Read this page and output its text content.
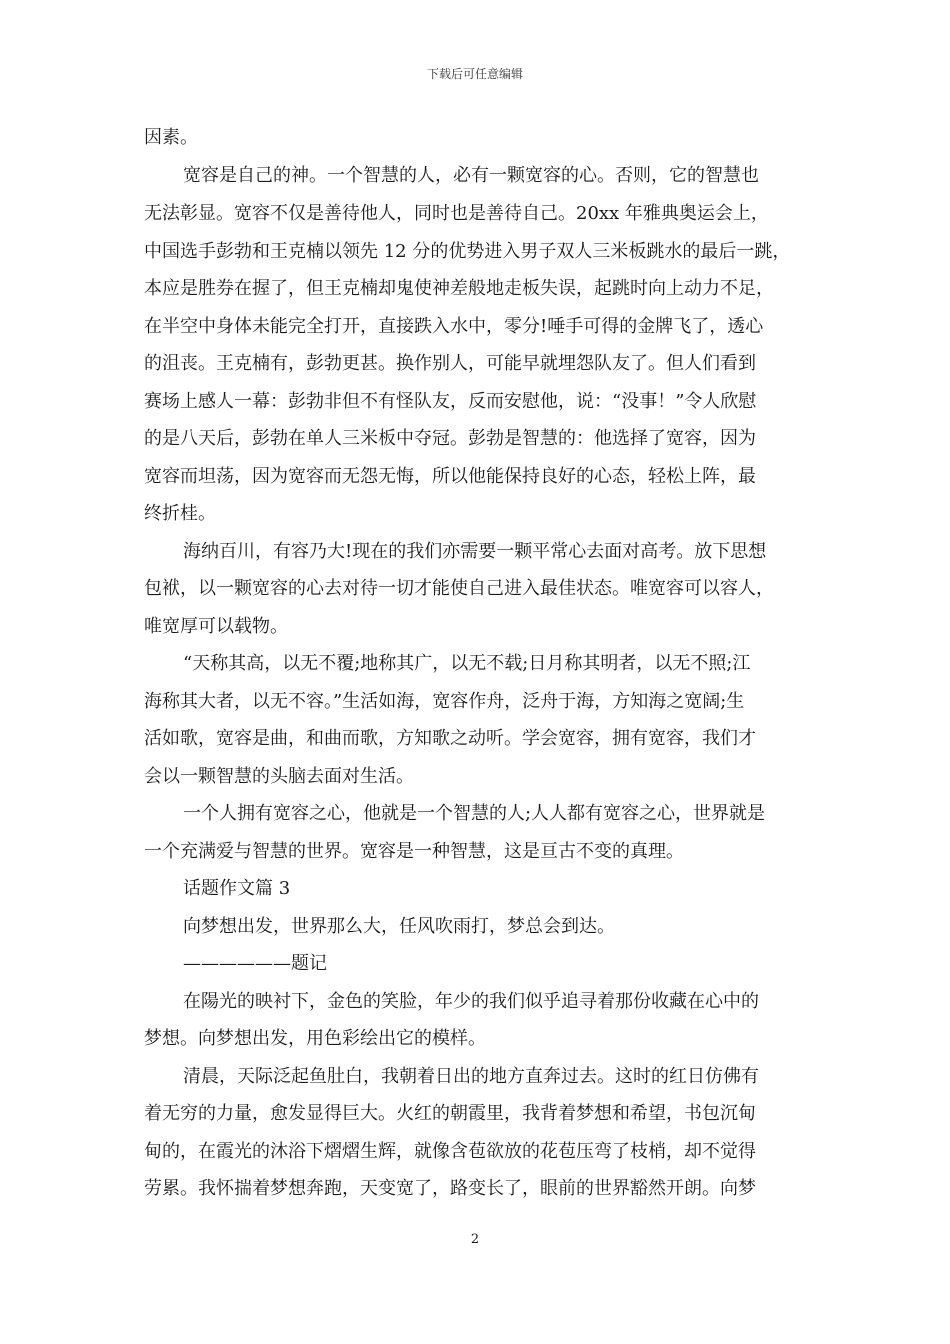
下载后可任意编辑
因素。
宽容是自己的神。一个智慧的人，必有一颗宽容的心。否则，它的智慧也
无法彰显。宽容不仅是善待他人，同时也是善待自己。20xx 年雅典奥运会上，
中国选手彭勃和王克楠以领先 12 分的优势进入男子双人三米板跳水的最后一跳，
本应是胜券在握了，但王克楠却鬼使神差般地走板失误，起跳时向上动力不足，
在半空中身体未能完全打开，直接跌入水中，零分!唾手可得的金牌飞了，透心
的沮丧。王克楠有，彭勃更甚。换作别人，可能早就埋怨队友了。但人们看到
赛场上感人一幕：彭勃非但不有怪队友，反而安慰他，说：“没事！”令人欣慰
的是八天后，彭勃在单人三米板中夺冠。彭勃是智慧的：他选择了宽容，因为
宽容而坦荡，因为宽容而无怨无悔，所以他能保持良好的心态，轻松上阵，最
终折桂。
海纳百川，有容乃大!现在的我们亦需要一颗平常心去面对高考。放下思想
包袱，以一颗宽容的心去对待一切才能使自己进入最佳状态。唯宽容可以容人，
唯宽厚可以载物。
“天称其高，以无不覆;地称其广，以无不载;日月称其明者，以无不照;江
海称其大者，以无不容。”生活如海，宽容作舟，泛舟于海，方知海之宽阔;生
活如歌，宽容是曲，和曲而歌，方知歌之动听。学会宽容，拥有宽容，我们才
会以一颗智慧的头脑去面对生活。
一个人拥有宽容之心，他就是一个智慧的人;人人都有宽容之心，世界就是
一个充满爱与智慧的世界。宽容是一种智慧，这是亘古不变的真理。
话题作文篇 3
向梦想出发，世界那么大，任风吹雨打，梦总会到达。
——————题记
在陽光的映衬下，金色的笑脸，年少的我们似乎追寻着那份收藏在心中的
梦想。向梦想出发，用色彩绘出它的模样。
清晨，天际泛起鱼肚白，我朝着日出的地方直奔过去。这时的红日仿佛有
着无穷的力量，愈发显得巨大。火红的朝霞里，我背着梦想和希望，书包沉甸
甸的，在霞光的沐浴下熠熠生辉，就像含苞欲放的花苞压弯了枝梢，却不觉得
劳累。我怀揣着梦想奔跑，天变宽了，路变长了，眼前的世界豁然开朗。向梦
2
